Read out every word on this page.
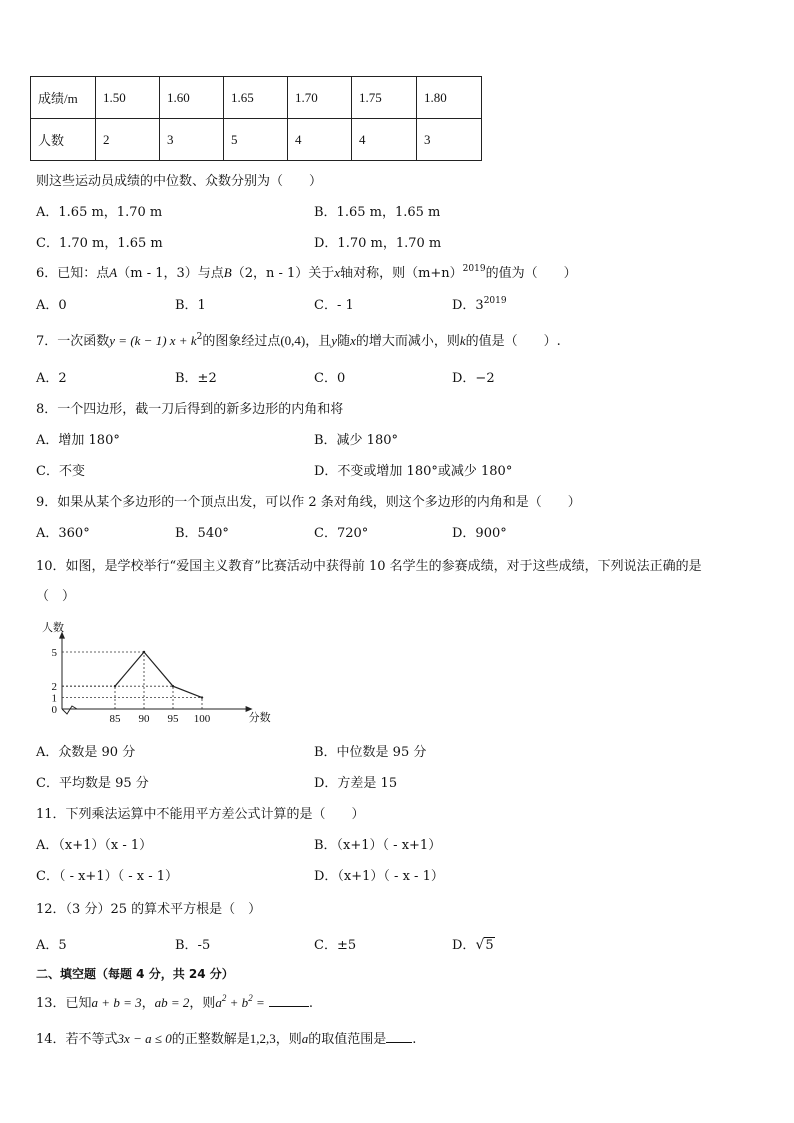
成绩/m	1.50	1.60	1.65	1.70	1.75	1.80
人数	2	3	5	4	4	3
则这些运动员成绩的中位数、众数分别为（　　）
A．1.65 m，1.70 m	B．1.65 m，1.65 m
C．1.70 m，1.65 m	D．1.70 m，1.70 m
6．已知：点A（m - 1，3）与点B（2，n - 1）关于x轴对称，则$(m+n)^{2019}$的值为（　　）
A．0	B．1	C．- 1	D．$3^{2019}$
7．一次函数y = (k − 1) $x + k^2$的图象经过点(0,4)，且y随x的增大而减小，则k的值是（　　）.
A．2	B．±2	C．0	D．−2
8．一个四边形，截一刀后得到的新多边形的内角和将
A．增加 180°	B．减少 180°
C．不变	D．不变或增加 180°或减少 180°
9．如果从某个多边形的一个顶点出发，可以作 2 条对角线，则这个多边形的内角和是（　　）
A．360°	B．540°	C．720°	D．900°
10．如图，是学校举行“爱国主义教育”比赛活动中获得前 10 名学生的参赛成绩，对于这些成绩，下列说法正确的是
（　）
85 90 95 100
0
1
2
5
人数
分数
A．众数是 90 分	B．中位数是 95 分
C．平均数是 95 分	D．方差是 15
11．下列乘法运算中不能用平方差公式计算的是（　　）
A．（x+1）（x - 1）	B．（x+1）（ - x+1）
C．（ - x+1）（ - x - 1）	D．（x+1）（ - x - 1）
12．（3 分）25 的算术平方根是（　）
A．5	B．-5	C．±5	D．√5
二、填空题（每题 4 分，共 24 分）
13．已知a + b = 3，ab = 2，则$a^2 + b^2$ =	.
14．若不等式3x − a ≤ 0的正整数解是1,2,3，则a的取值范围是 .
